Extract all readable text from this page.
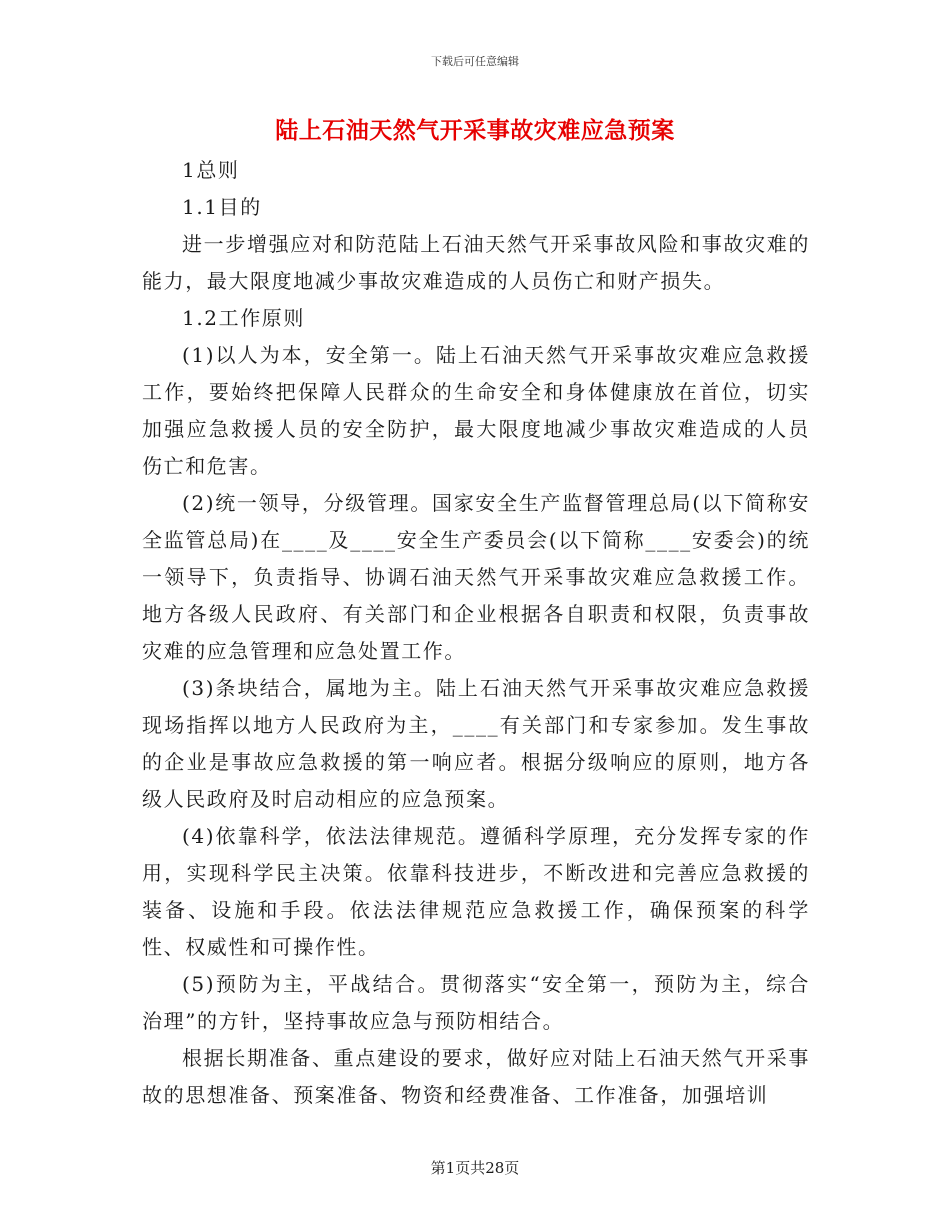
下载后可任意编辑
陆上石油天然气开采事故灾难应急预案

1总则

1.1目的

进一步增强应对和防范陆上石油天然气开采事故风险和事故灾难的能力，最大限度地减少事故灾难造成的人员伤亡和财产损失。

1.2工作原则

(1)以人为本，安全第一。陆上石油天然气开采事故灾难应急救援工作，要始终把保障人民群众的生命安全和身体健康放在首位，切实加强应急救援人员的安全防护，最大限度地减少事故灾难造成的人员伤亡和危害。

(2)统一领导，分级管理。国家安全生产监督管理总局(以下简称安全监管总局)在____及____安全生产委员会(以下简称____安委会)的统一领导下，负责指导、协调石油天然气开采事故灾难应急救援工作。地方各级人民政府、有关部门和企业根据各自职责和权限，负责事故灾难的应急管理和应急处置工作。

(3)条块结合，属地为主。陆上石油天然气开采事故灾难应急救援现场指挥以地方人民政府为主，____有关部门和专家参加。发生事故的企业是事故应急救援的第一响应者。根据分级响应的原则，地方各级人民政府及时启动相应的应急预案。

(4)依靠科学，依法法律规范。遵循科学原理，充分发挥专家的作用，实现科学民主决策。依靠科技进步，不断改进和完善应急救援的装备、设施和手段。依法法律规范应急救援工作，确保预案的科学性、权威性和可操作性。

(5)预防为主，平战结合。贯彻落实“安全第一，预防为主，综合治理”的方针，坚持事故应急与预防相结合。

根据长期准备、重点建设的要求，做好应对陆上石油天然气开采事故的思想准备、预案准备、物资和经费准备、工作准备，加强培训

第1页共28页
